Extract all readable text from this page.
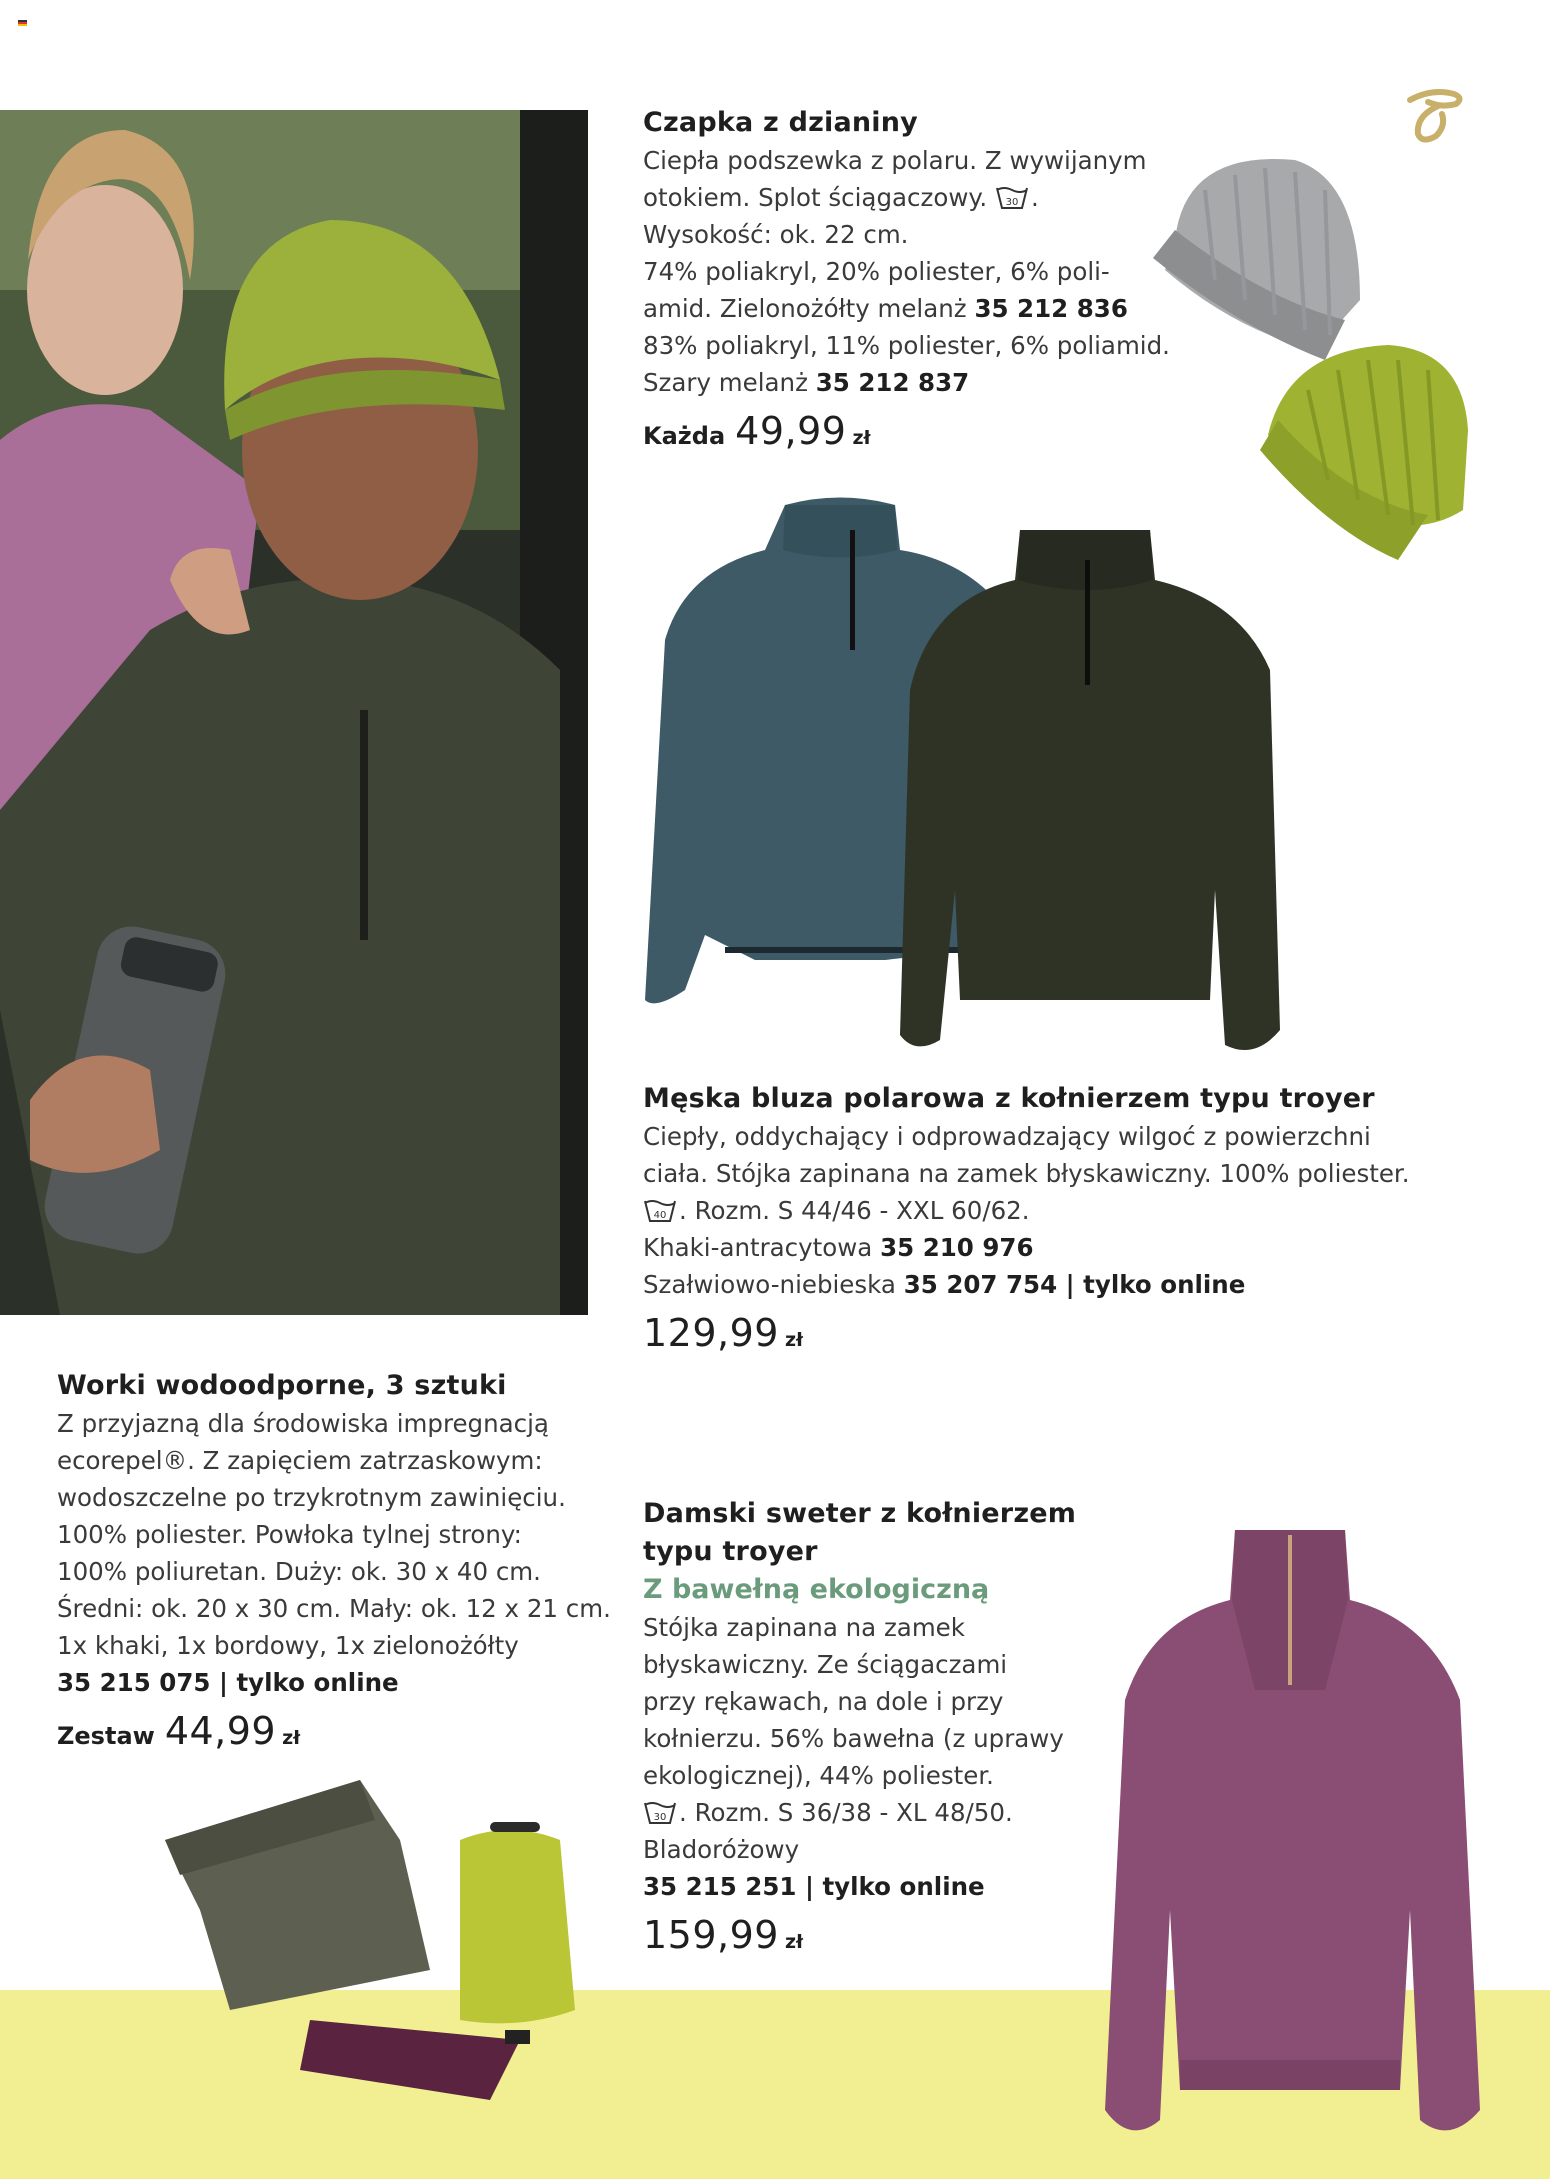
Czapka z dzianiny
Ciepła podszewka z polaru. Z wywijanym
otokiem. Splot ściągaczowy. 30 .
Wysokość: ok. 22 cm.
74% poliakryl, 20% poliester, 6% poli-
amid. Zielonożółty melanż 35 212 836
83% poliakryl, 11% poliester, 6% poliamid.
Szary melanż 35 212 837
Każda 49,99 zł
Męska bluza polarowa z kołnierzem typu troyer
Ciepły, oddychający i odprowadzający wilgoć z powierzchni
ciała. Stójka zapinana na zamek błyskawiczny. 100% poliester.
40 . Rozm. S 44/46 - XXL 60/62.
Khaki-antracytowa 35 210 976
Szałwiowo-niebieska 35 207 754 | tylko online
129,99 zł
Worki wodoodporne, 3 sztuki
Z przyjazną dla środowiska impregnacją
ecorepel®. Z zapięciem zatrzaskowym:
wodoszczelne po trzykrotnym zawinięciu.
100% poliester. Powłoka tylnej strony:
100% poliuretan. Duży: ok. 30 x 40 cm.
Średni: ok. 20 x 30 cm. Mały: ok. 12 x 21 cm.
1x khaki, 1x bordowy, 1x zielonożółty
35 215 075 | tylko online
Zestaw 44,99 zł
Damski sweter z kołnierzem
typu troyer
Z bawełną ekologiczną
Stójka zapinana na zamek
błyskawiczny. Ze ściągaczami
przy rękawach, na dole i przy
kołnierzu. 56% bawełna (z uprawy
ekologicznej), 44% poliester.
30 . Rozm. S 36/38 - XL 48/50.
Bladoróżowy
35 215 251 | tylko online
159,99 zł
